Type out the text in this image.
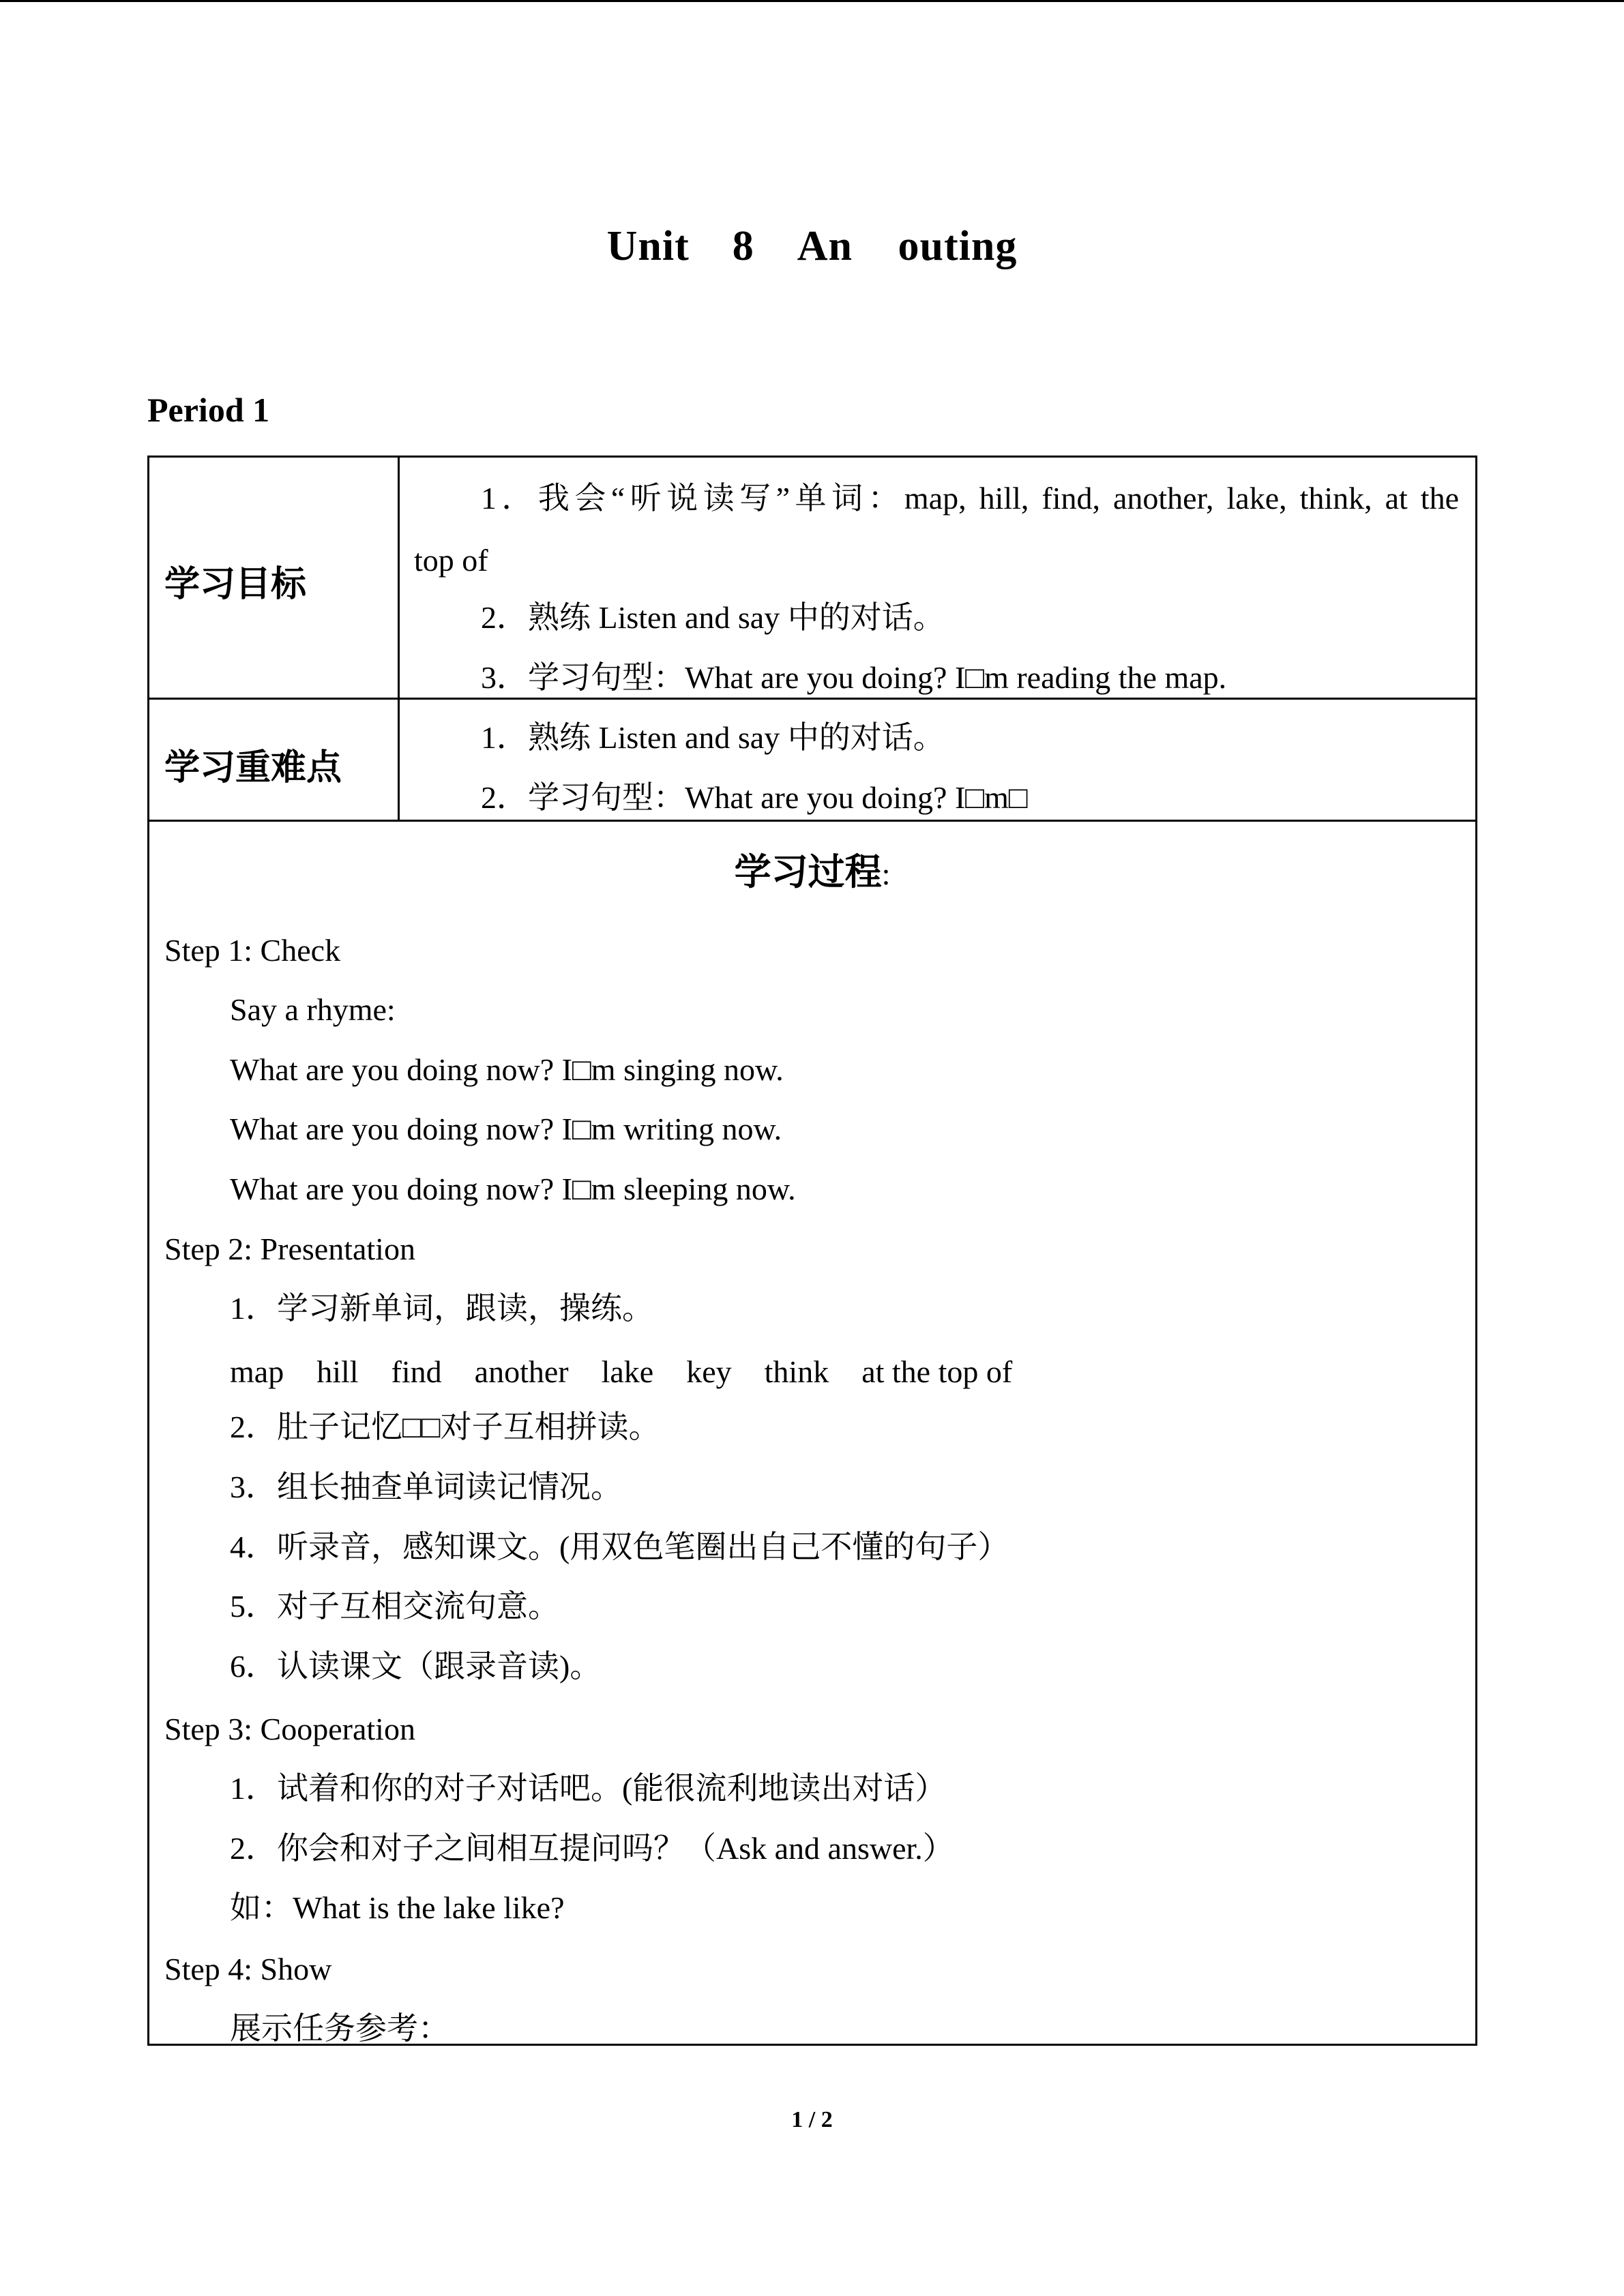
Unit　8　An outing
Period 1
学习目标
1．我会“听说读写”单词：map, hill, find, another, lake, think, at the
top of
2．熟练 Listen and say 中的对话。
3．学习句型：What are you doing? I□m reading the map.
学习重难点
1．熟练 Listen and say 中的对话。
2．学习句型：What are you doing? I□m□
学习过程:
Step 1: Check
Say a rhyme:
What are you doing now? I□m singing now.
What are you doing now? I□m writing now.
What are you doing now? I□m sleeping now.
Step 2: Presentation
1．学习新单词，跟读，操练。
map hill find another lake key think at the top of
2．肚子记忆□□对子互相拼读。
3．组长抽查单词读记情况。
4．听录音，感知课文。(用双色笔圈出自己不懂的句子）
5．对子互相交流句意。
6．认读课文（跟录音读)。
Step 3: Cooperation
1．试着和你的对子对话吧。(能很流利地读出对话）
2．你会和对子之间相互提问吗？（Ask and answer.）
如：What is the lake like?
Step 4: Show
展示任务参考：
1 / 2
